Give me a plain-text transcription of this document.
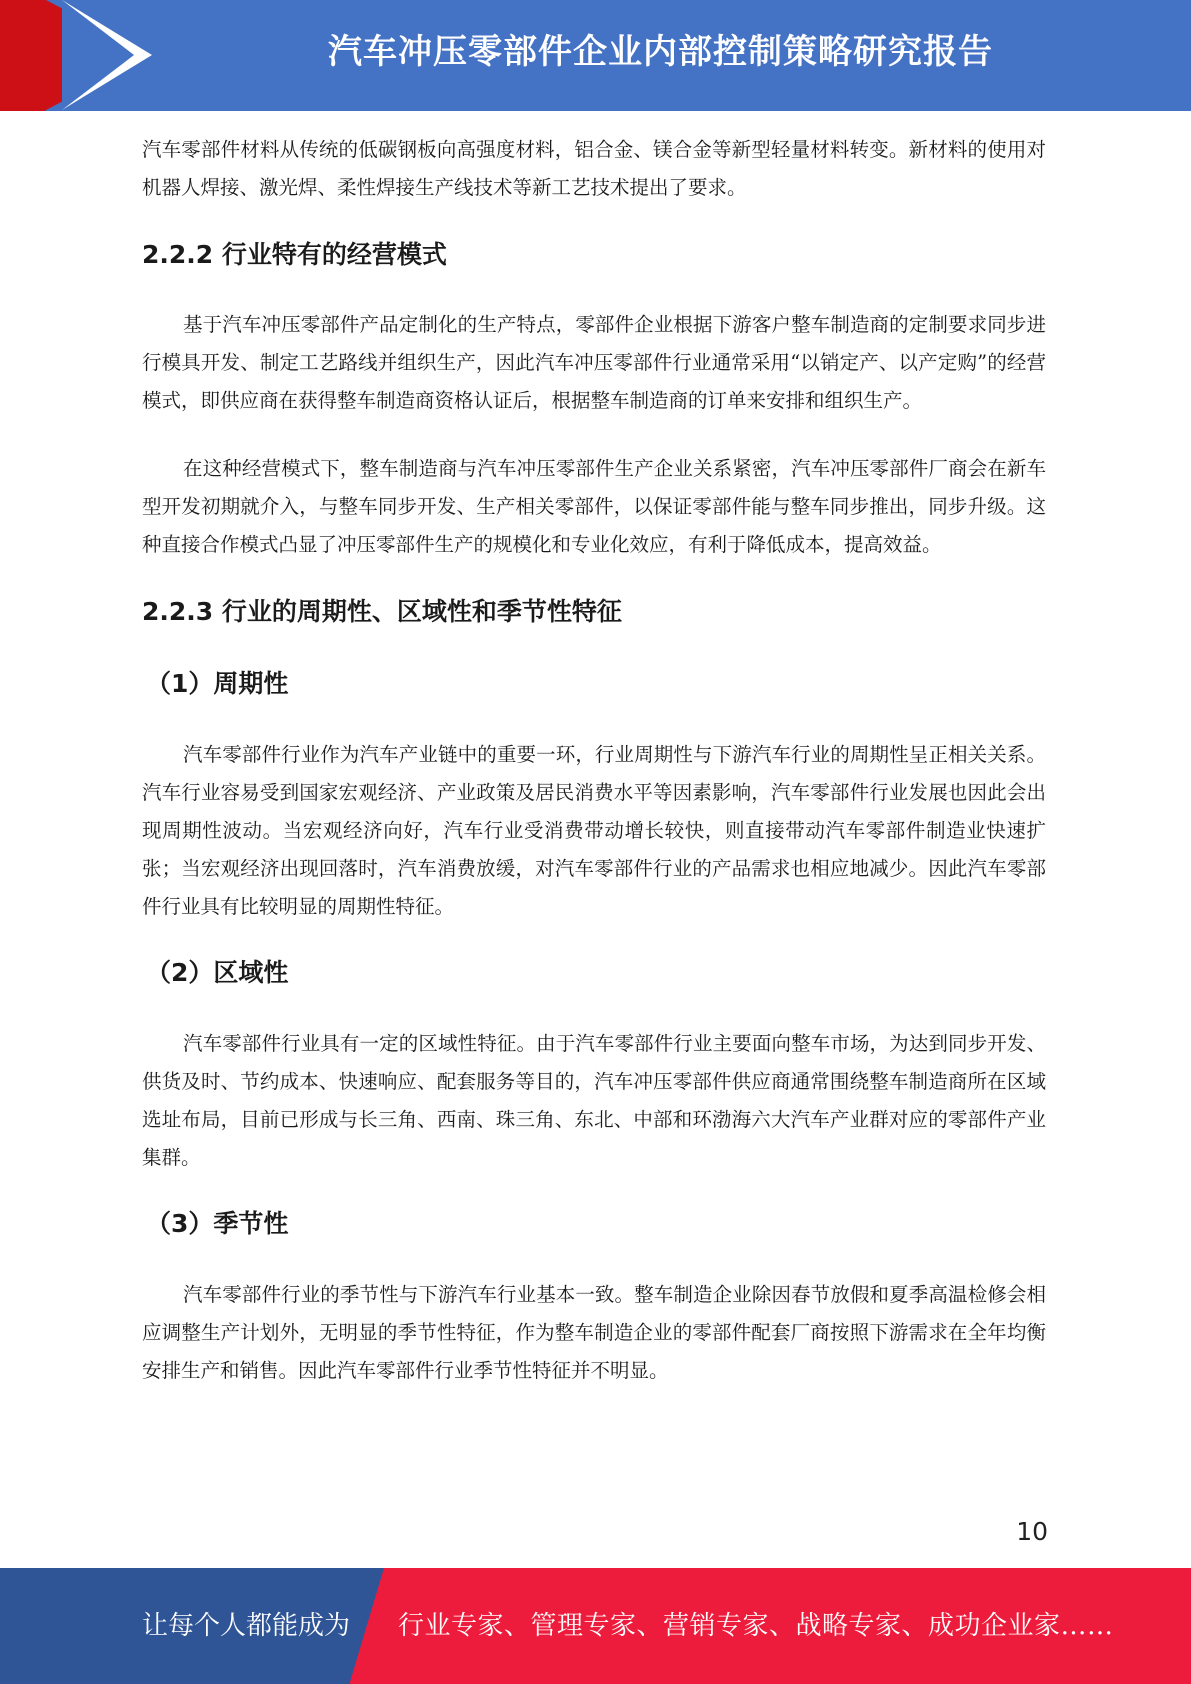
汽车冲压零部件企业内部控制策略研究报告

汽车零部件材料从传统的低碳钢板向高强度材料，铝合金、镁合金等新型轻量材料转变。新材料的使用对机器人焊接、激光焊、柔性焊接生产线技术等新工艺技术提出了要求。

2.2.2 行业特有的经营模式

基于汽车冲压零部件产品定制化的生产特点，零部件企业根据下游客户整车制造商的定制要求同步进行模具开发、制定工艺路线并组织生产，因此汽车冲压零部件行业通常采用“以销定产、以产定购”的经营模式，即供应商在获得整车制造商资格认证后，根据整车制造商的订单来安排和组织生产。

在这种经营模式下，整车制造商与汽车冲压零部件生产企业关系紧密，汽车冲压零部件厂商会在新车型开发初期就介入，与整车同步开发、生产相关零部件，以保证零部件能与整车同步推出，同步升级。这种直接合作模式凸显了冲压零部件生产的规模化和专业化效应，有利于降低成本，提高效益。

2.2.3 行业的周期性、区域性和季节性特征
（1）周期性

汽车零部件行业作为汽车产业链中的重要一环，行业周期性与下游汽车行业的周期性呈正相关关系。汽车行业容易受到国家宏观经济、产业政策及居民消费水平等因素影响，汽车零部件行业发展也因此会出现周期性波动。当宏观经济向好，汽车行业受消费带动增长较快，则直接带动汽车零部件制造业快速扩张；当宏观经济出现回落时，汽车消费放缓，对汽车零部件行业的产品需求也相应地减少。因此汽车零部件行业具有比较明显的周期性特征。

（2）区域性

汽车零部件行业具有一定的区域性特征。由于汽车零部件行业主要面向整车市场，为达到同步开发、供货及时、节约成本、快速响应、配套服务等目的，汽车冲压零部件供应商通常围绕整车制造商所在区域选址布局，目前已形成与长三角、西南、珠三角、东北、中部和环渤海六大汽车产业群对应的零部件产业集群。

（3）季节性

汽车零部件行业的季节性与下游汽车行业基本一致。整车制造企业除因春节放假和夏季高温检修会相应调整生产计划外，无明显的季节性特征，作为整车制造企业的零部件配套厂商按照下游需求在全年均衡安排生产和销售。因此汽车零部件行业季节性特征并不明显。

10
让每个人都能成为 行业专家、管理专家、营销专家、战略专家、成功企业家……
